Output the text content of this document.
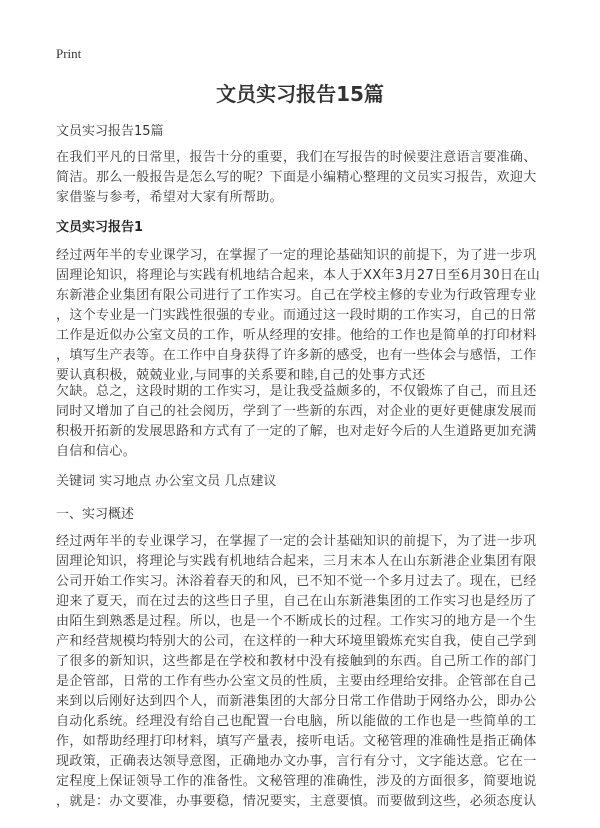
Print
文员实习报告15篇

文员实习报告15篇

在我们平凡的日常里，报告十分的重要，我们在写报告的时候要注意语言要准确、
简洁。那么一般报告是怎么写的呢？下面是小编精心整理的文员实习报告，欢迎大
家借鉴与参考，希望对大家有所帮助。

文员实习报告1

经过两年半的专业课学习，在掌握了一定的理论基础知识的前提下，为了进一步巩
固理论知识，将理论与实践有机地结合起来，本人于XX年3月27日至6月30日在山
东新港企业集团有限公司进行了工作实习。自己在学校主修的专业为行政管理专业
，这个专业是一门实践性很强的专业。而通过这一段时期的工作实习，自己的日常
工作是近似办公室文员的工作，听从经理的安排。他给的工作也是简单的打印材料
，填写生产表等。在工作中自身获得了许多新的感受，也有一些体会与感悟，工作
要认真积极，兢兢业业,与同事的关系要和睦,自己的处事方式还

欠缺。总之，这段时期的工作实习，是让我受益颇多的，不仅锻炼了自己，而且还
同时又增加了自己的社会阅历，学到了一些新的东西，对企业的更好更健康发展而
积极开拓新的发展思路和方式有了一定的了解，也对走好今后的人生道路更加充满
自信和信心。

关键词 实习地点 办公室文员 几点建议

一、实习概述

经过两年半的专业课学习，在掌握了一定的会计基础知识的前提下，为了进一步巩
固理论知识，将理论与实践有机地结合起来，三月末本人在山东新港企业集团有限
公司开始工作实习。沐浴着春天的和风，已不知不觉一个多月过去了。现在，已经
迎来了夏天，而在过去的这些日子里，自己在山东新港集团的工作实习也是经历了
由陌生到熟悉是过程。所以，也是一个不断成长的过程。工作实习的地方是一个生
产和经营规模均特别大的公司，在这样的一种大环境里锻炼充实自我，使自己学到
了很多的新知识，这些都是在学校和教材中没有接触到的东西。自己所工作的部门
是企管部，日常的工作有些办公室文员的性质，主要由经理给安排。企管部在自己
来到以后刚好达到四个人，而新港集团的大部分日常工作借助于网络办公，即办公
自动化系统。经理没有给自己也配置一台电脑，所以能做的工作也是一些简单的工
作，如帮助经理打印材料，填写产量表，接听电话。文秘管理的准确性是指正确体
现政策，正确表达领导意图，正确地办文办事，言行有分寸，文字能达意。它在一
定程度上保证领导工作的准备性。文秘管理的准确性，涉及的方面很多，简要地说
，就是：办文要准，办事要稳，情况要实，主意要慎。而要做到这些，必须态度认
